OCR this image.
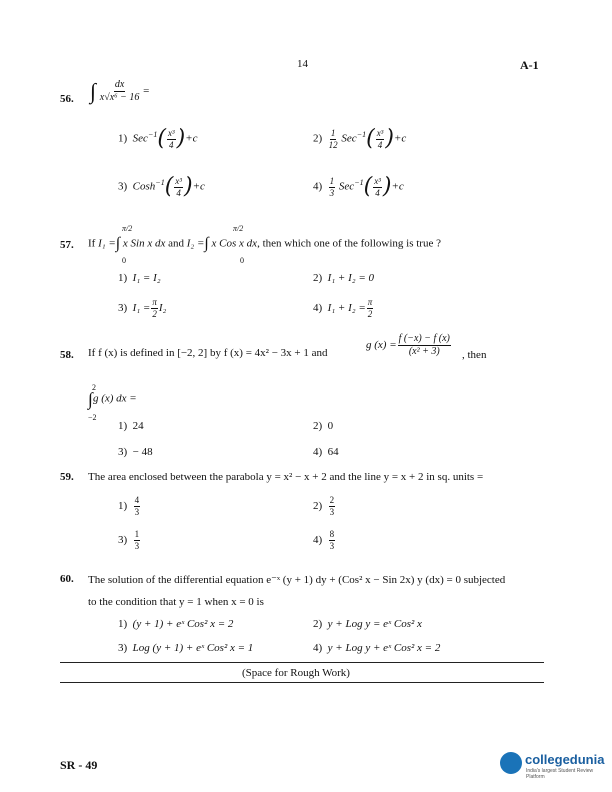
14	A-1
56. ∫ $\frac{dx}{\text{x√x⁶ − 16}}$ =
1) $Sec^{-1}( \frac{\text{x³}}{4} )+c$	$2) \frac{1}{12} Sec^{-1}( \frac{\text{x³}}{4} )+c$
3) Cosh$^{-1}$( $\frac{\text{x³}}{4} )+c$	$4) \frac{1}{3} Sec^{-1}( \frac{\text{x³}}{4} )+c$
57.
π/2
0
π/2
0
If I₁ =∫ x Sin x dx and I₂ =∫ x Cos x dx, then which one of the following is true ?
1) I₁ = I₂	2) I₁ + I₂ = 0
3) $I_1 = \frac{\pi}{2} I_2$	4) $I_1 + I_2 = \frac{\pi}{2}$
58. If f (x) is defined in [−2, 2] by f (x) = 4x² − 3x + 1 and
g $(x) = \frac{f (-x) - f (x)}{\text{(x² + 3)}}$ , then
2
−2
∫g (x) dx =
1) 24	2) 0
3) − 48	4) 64
59. The area enclosed between the parabola y = x² − x + 2 and the line y = x + 2 in sq. units =
$1) \frac{4}{3}$	$2) \frac{2}{3}$
$3) \frac{1}{3}$	$4) \frac{8}{3}$
60. The solution of the differential equation e⁻ˣ (y + 1) dy + (Cos² x − Sin 2x) y (dx) = 0 subjected
to the condition that y = 1 when x = 0 is
1) (y + 1) + eˣ Cos² x = 2	2) y + Log y = eˣ Cos² x
3) Log (y + 1) + eˣ Cos² x = 1	4) y + Log y + eˣ Cos² x = 2
(Space for Rough Work)
SR - 49	collegedunia
India's largest Student Review Platform
